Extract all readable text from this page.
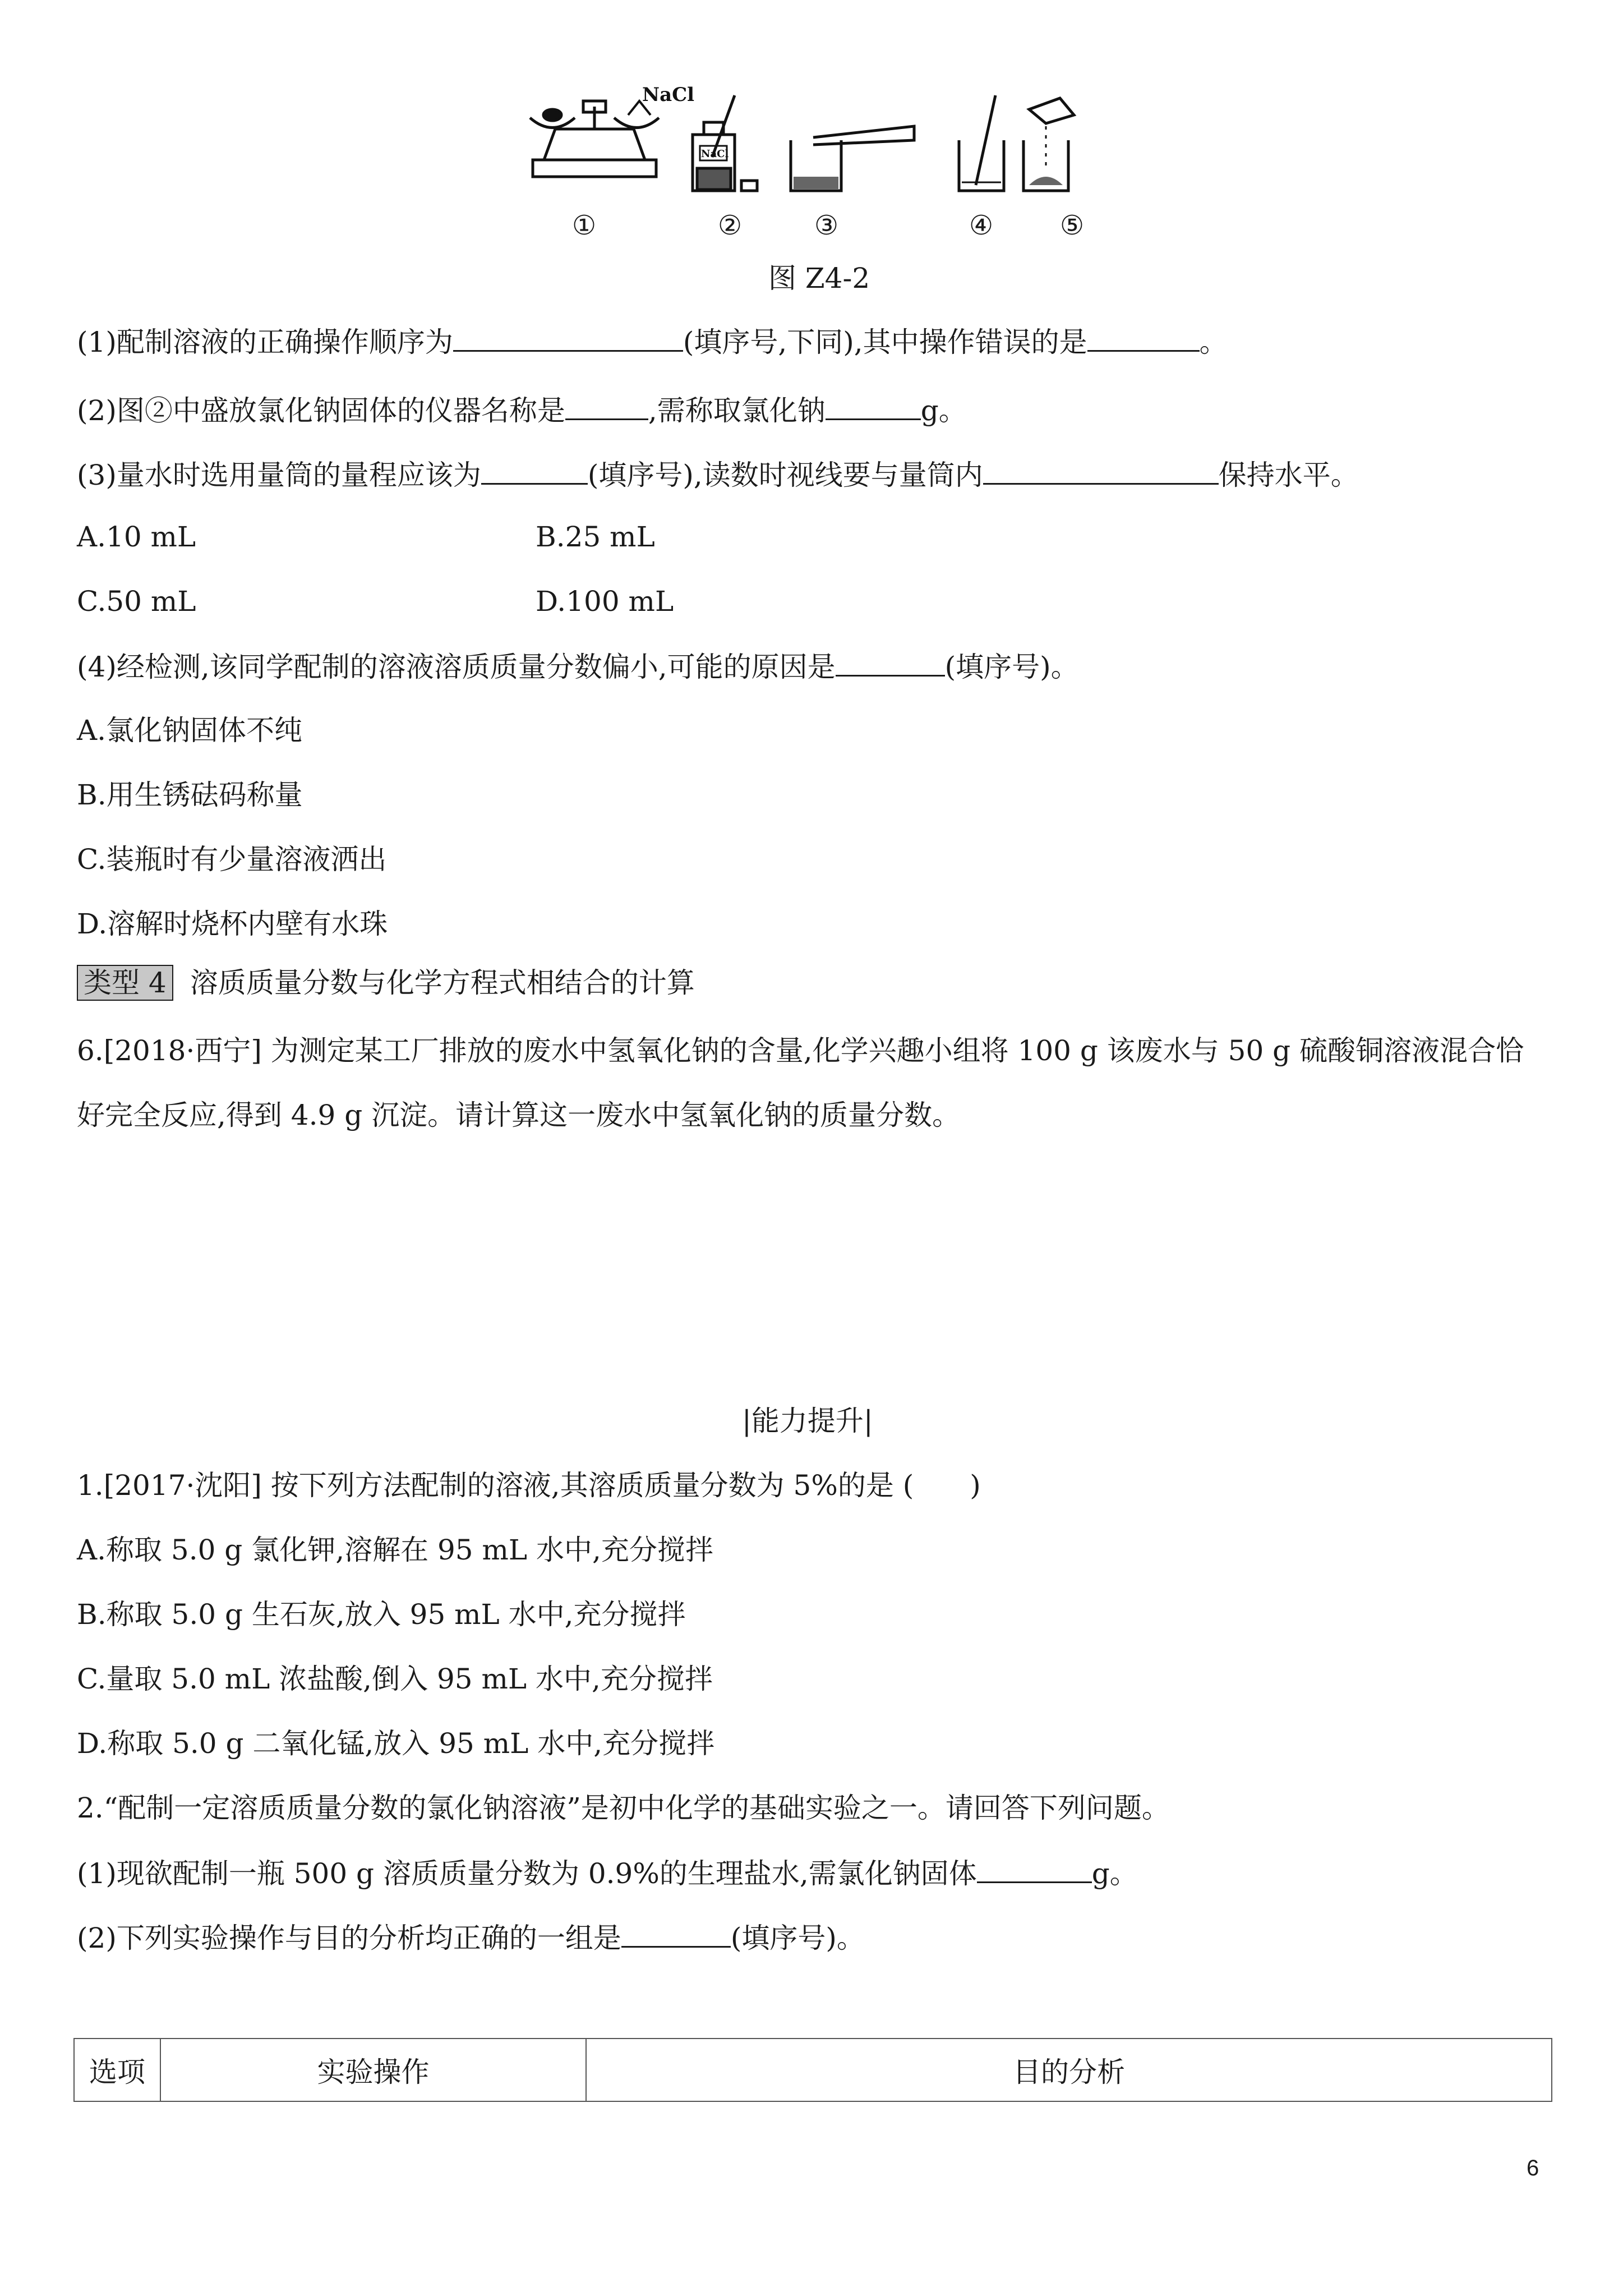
NaCl
NaCl
①	②	③	④ ⑤
图 Z4-2
(1)配制溶液的正确操作顺序为	(填序号,下同),其中操作错误的是	。
(2)图②中盛放氯化钠固体的仪器名称是	,需称取氯化钠	g。
(3)量水时选用量筒的量程应该为	(填序号),读数时视线要与量筒内	保持水平。
A.10 mL	B.25 mL
C.50 mL	D.100 mL
(4)经检测,该同学配制的溶液溶质质量分数偏小,可能的原因是	(填序号)。
A.氯化钠固体不纯
B.用生锈砝码称量
C.装瓶时有少量溶液洒出
D.溶解时烧杯内壁有水珠
类型 4 溶质质量分数与化学方程式相结合的计算
6.[2018·西宁] 为测定某工厂排放的废水中氢氧化钠的含量,化学兴趣小组将 100 g 该废水与 50 g 硫酸铜溶液混合恰
好完全反应,得到 4.9 g 沉淀。请计算这一废水中氢氧化钠的质量分数。
|能力提升|
1.[2017·沈阳] 按下列方法配制的溶液,其溶质质量分数为 5%的是 (　　)
A.称取 5.0 g 氯化钾,溶解在 95 mL 水中,充分搅拌
B.称取 5.0 g 生石灰,放入 95 mL 水中,充分搅拌
C.量取 5.0 mL 浓盐酸,倒入 95 mL 水中,充分搅拌
D.称取 5.0 g 二氧化锰,放入 95 mL 水中,充分搅拌
2.“配制一定溶质质量分数的氯化钠溶液”是初中化学的基础实验之一。请回答下列问题。
(1)现欲配制一瓶 500 g 溶质质量分数为 0.9%的生理盐水,需氯化钠固体	g。
(2)下列实验操作与目的分析均正确的一组是	(填序号)。
选项	实验操作	目的分析
6
